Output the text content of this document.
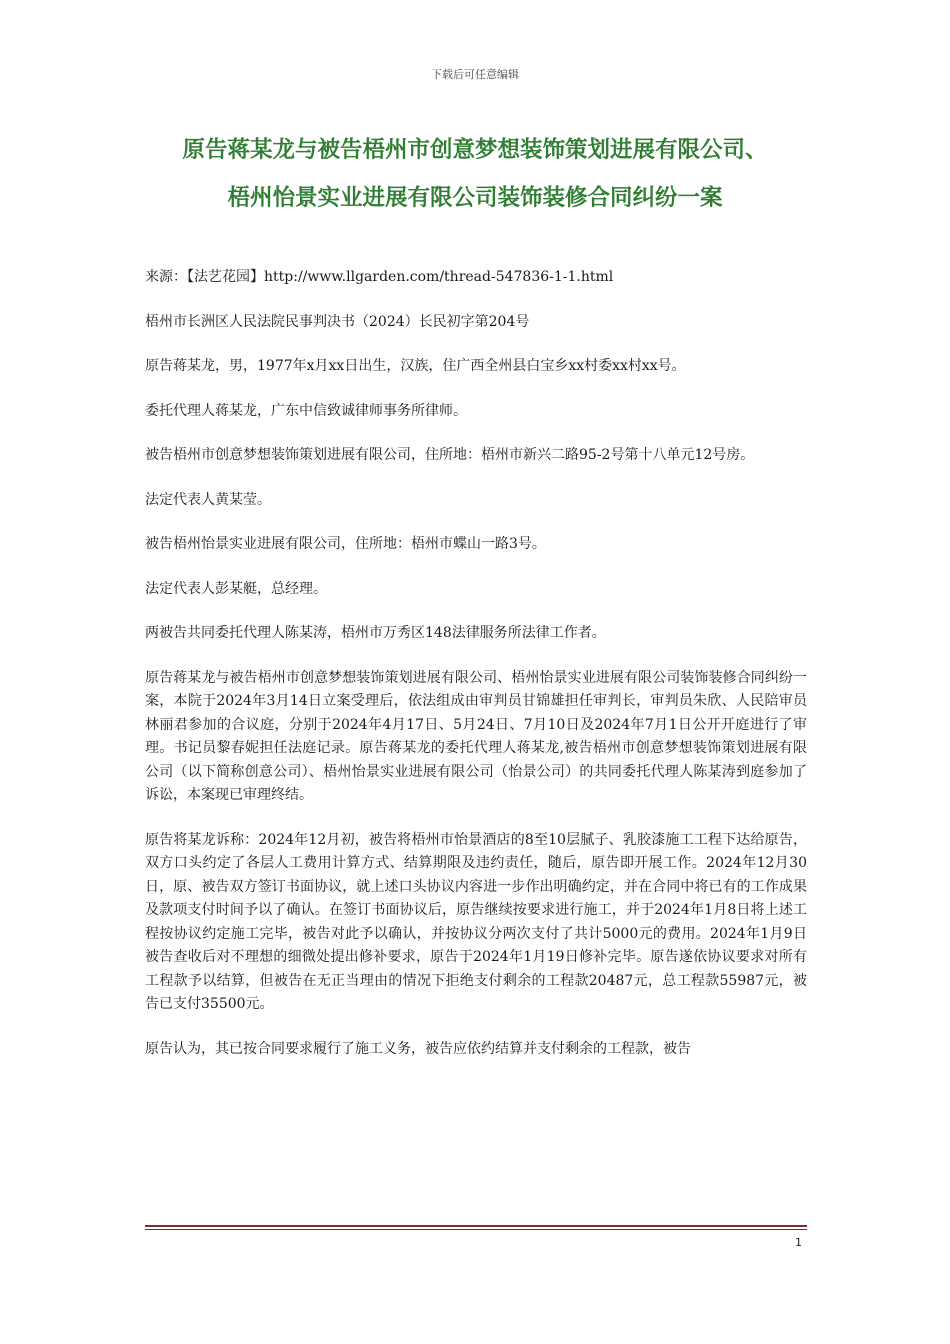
下载后可任意编辑
原告蒋某龙与被告梧州市创意梦想装饰策划进展有限公司、
梧州怡景实业进展有限公司装饰装修合同纠纷一案

来源：【法艺花园】http://www.llgarden.com/thread-547836-1-1.html

梧州市长洲区人民法院民事判决书（2024）长民初字第204号

原告蒋某龙，男，1977年x月xx日出生，汉族，住广西全州县白宝乡xx村委xx村xx号。

委托代理人蒋某龙，广东中信致诚律师事务所律师。

被告梧州市创意梦想装饰策划进展有限公司，住所地：梧州市新兴二路95-2号第十八单元12号房。

法定代表人黄某莹。

被告梧州怡景实业进展有限公司，住所地：梧州市蝶山一路3号。

法定代表人彭某艇，总经理。

两被告共同委托代理人陈某涛，梧州市万秀区148法律服务所法律工作者。

原告蒋某龙与被告梧州市创意梦想装饰策划进展有限公司、梧州怡景实业进展有限公司装饰装修合同纠纷一案，本院于2024年3月14日立案受理后，依法组成由审判员甘锦雄担任审判长，审判员朱欣、人民陪审员林丽君参加的合议庭，分别于2024年4月17日、5月24日、7月10日及2024年7月1日公开开庭进行了审理。书记员黎春妮担任法庭记录。原告蒋某龙的委托代理人蒋某龙,被告梧州市创意梦想装饰策划进展有限公司（以下简称创意公司）、梧州怡景实业进展有限公司（怡景公司）的共同委托代理人陈某涛到庭参加了诉讼，本案现已审理终结。

原告将某龙诉称：2024年12月初，被告将梧州市怡景酒店的8至10层腻子、乳胶漆施工工程下达给原告，双方口头约定了各层人工费用计算方式、结算期限及违约责任，随后，原告即开展工作。2024年12月30日，原、被告双方签订书面协议，就上述口头协议内容进一步作出明确约定，并在合同中将已有的工作成果及款项支付时间予以了确认。在签订书面协议后，原告继续按要求进行施工，并于2024年1月8日将上述工程按协议约定施工完毕，被告对此予以确认，并按协议分两次支付了共计5000元的费用。2024年1月9日被告查收后对不理想的细微处提出修补要求，原告于2024年1月19日修补完毕。原告遂依协议要求对所有工程款予以结算，但被告在无正当理由的情况下拒绝支付剩余的工程款20487元，总工程款55987元，被告已支付35500元。

原告认为，其已按合同要求履行了施工义务，被告应依约结算并支付剩余的工程款，被告

1
